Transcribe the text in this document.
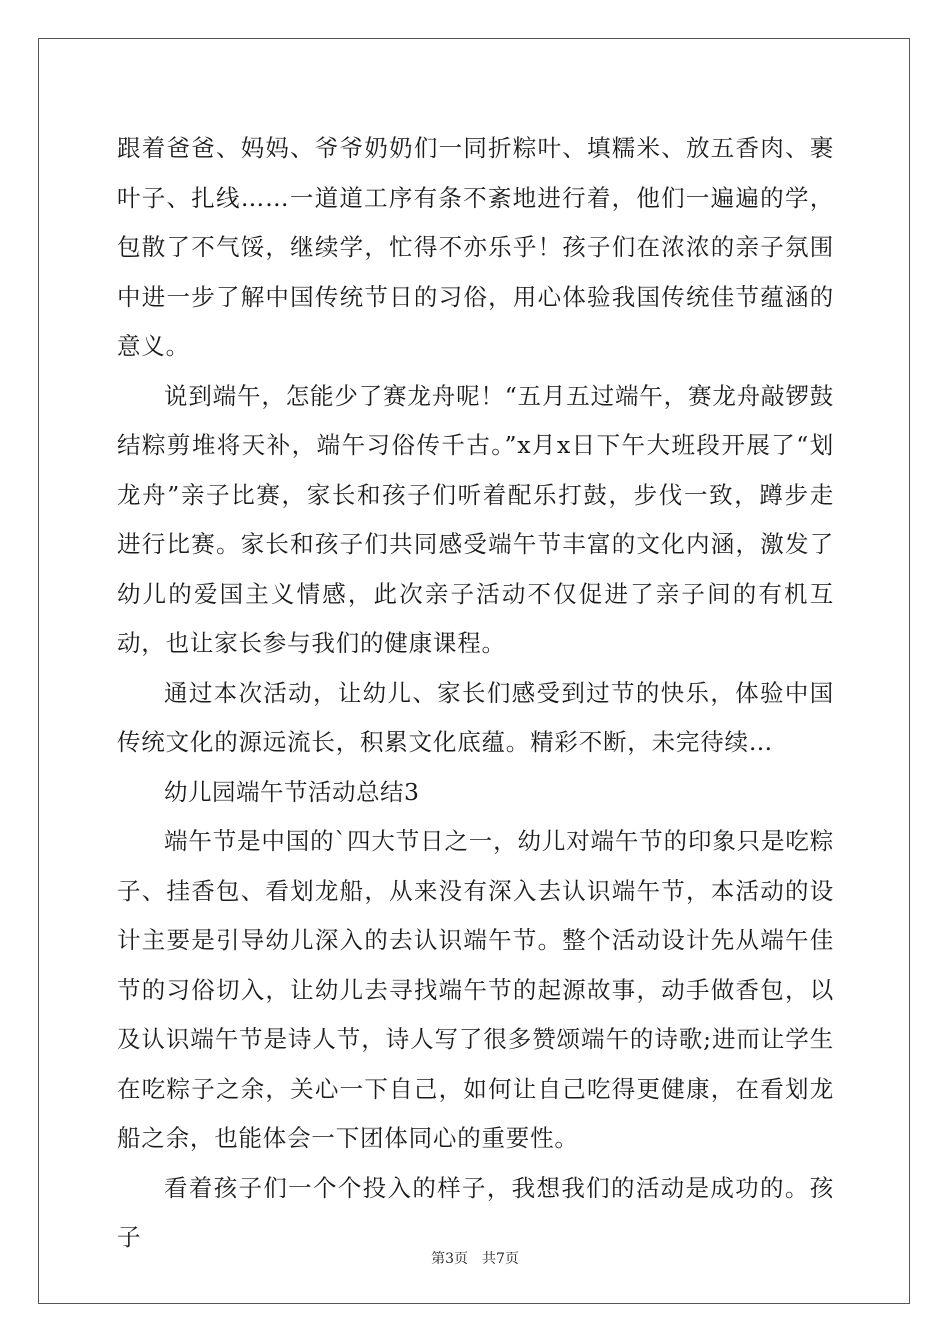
跟着爸爸、妈妈、爷爷奶奶们一同折粽叶、填糯米、放五香肉、裹叶子、扎线……一道道工序有条不紊地进行着，他们一遍遍的学，包散了不气馁，继续学，忙得不亦乐乎！孩子们在浓浓的亲子氛围中进一步了解中国传统节日的习俗，用心体验我国传统佳节蕴涵的意义。

说到端午，怎能少了赛龙舟呢！“五月五过端午，赛龙舟敲锣鼓结粽剪堆将天补，端午习俗传千古。”x月x日下午大班段开展了“划龙舟”亲子比赛，家长和孩子们听着配乐打鼓，步伐一致，蹲步走进行比赛。家长和孩子们共同感受端午节丰富的文化内涵，激发了幼儿的爱国主义情感，此次亲子活动不仅促进了亲子间的有机互动，也让家长参与我们的健康课程。

通过本次活动，让幼儿、家长们感受到过节的快乐，体验中国传统文化的源远流长，积累文化底蕴。精彩不断，未完待续…

幼儿园端午节活动总结3

端午节是中国的`四大节日之一，幼儿对端午节的印象只是吃粽子、挂香包、看划龙船，从来没有深入去认识端午节，本活动的设计主要是引导幼儿深入的去认识端午节。整个活动设计先从端午佳节的习俗切入，让幼儿去寻找端午节的起源故事，动手做香包，以及认识端午节是诗人节，诗人写了很多赞颂端午的诗歌;进而让学生在吃粽子之余，关心一下自己，如何让自己吃得更健康，在看划龙船之余，也能体会一下团体同心的重要性。

看着孩子们一个个投入的样子，我想我们的活动是成功的。孩子

第3页 共7页
